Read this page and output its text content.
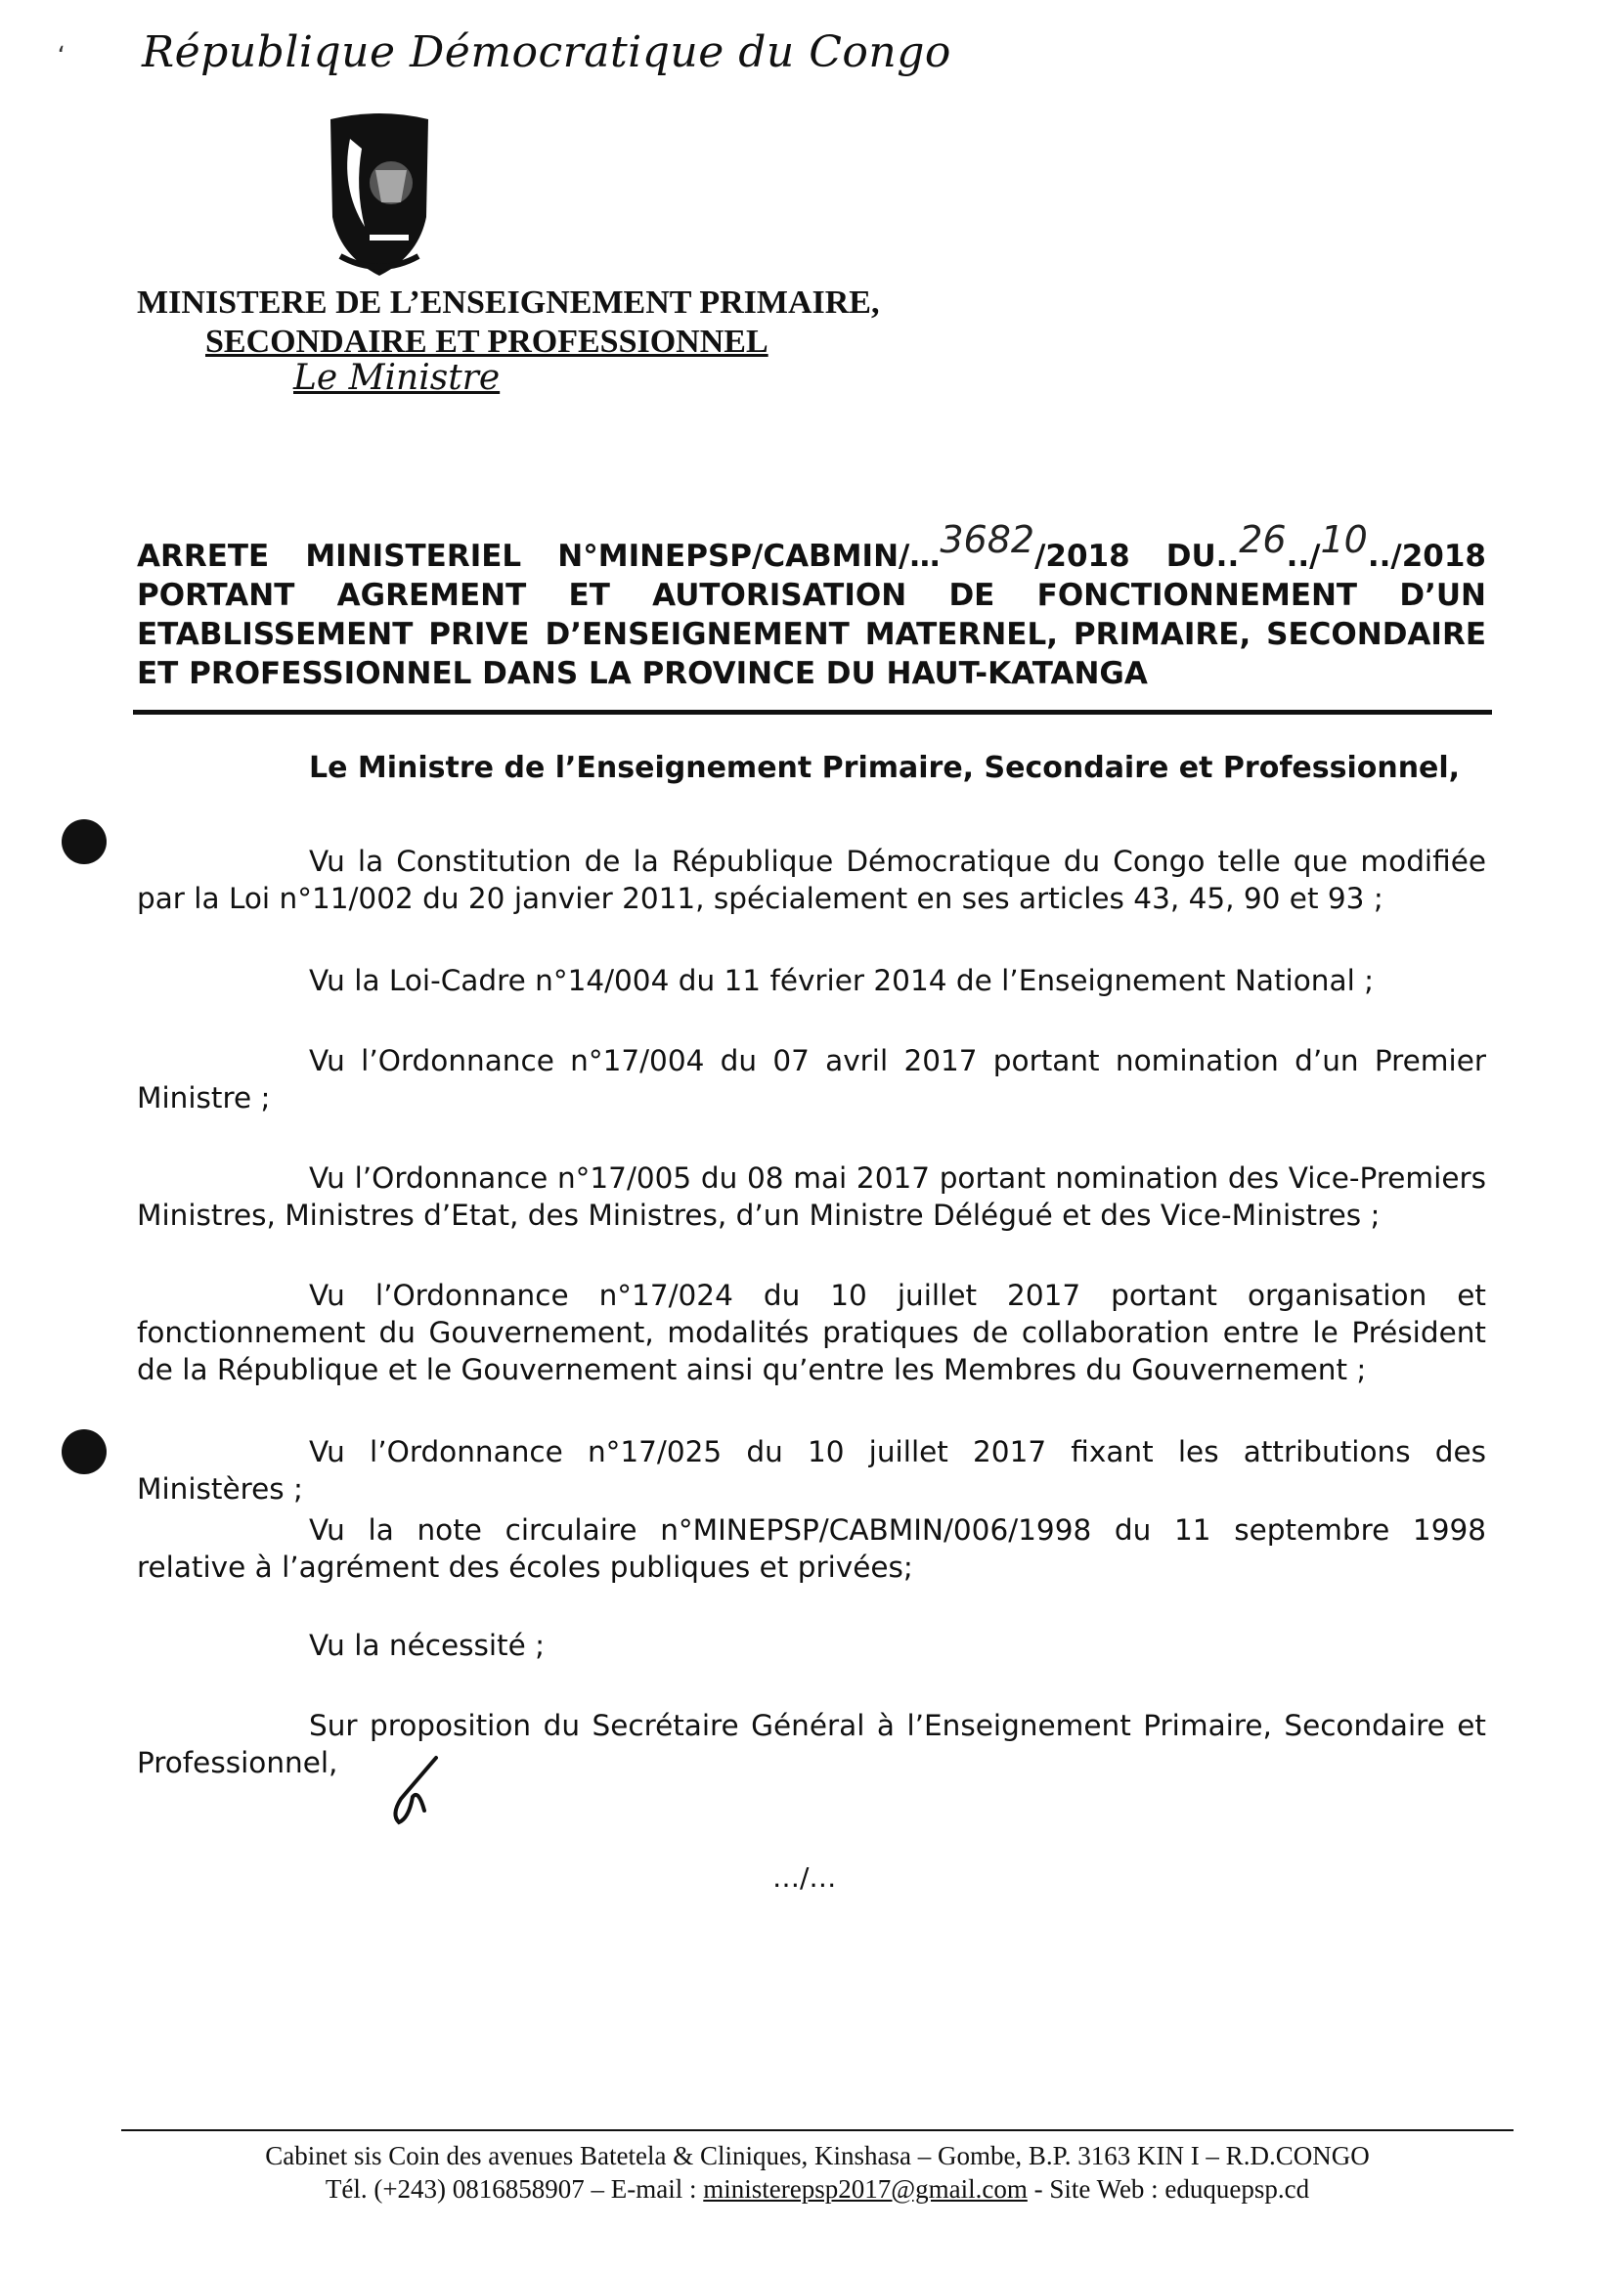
، République Démocratique du Congo
MINISTERE DE L’ENSEIGNEMENT PRIMAIRE,
SECONDAIRE ET PROFESSIONNEL
Le Ministre
ARRETE MINISTERIEL N°MINEPSP/CABMIN/…3682/2018 DU..26../10../2018
PORTANT AGREMENT ET AUTORISATION DE FONCTIONNEMENT D’UN
ETABLISSEMENT PRIVE D’ENSEIGNEMENT MATERNEL, PRIMAIRE, SECONDAIRE
ET PROFESSIONNEL DANS LA PROVINCE DU HAUT-KATANGA
Le Ministre de l’Enseignement Primaire, Secondaire et Professionnel,
Vu la Constitution de la République Démocratique du Congo telle que modifiée par la Loi n°11/002 du 20 janvier 2011, spécialement en ses articles 43, 45, 90 et 93 ;
Vu la Loi-Cadre n°14/004 du 11 février 2014 de l’Enseignement National ;
Vu l’Ordonnance n°17/004 du 07 avril 2017 portant nomination d’un Premier Ministre ;
Vu l’Ordonnance n°17/005 du 08 mai 2017 portant nomination des Vice-Premiers Ministres, Ministres d’Etat, des Ministres, d’un Ministre Délégué et des Vice-Ministres ;
Vu l’Ordonnance n°17/024 du 10 juillet 2017 portant organisation et fonctionnement du Gouvernement, modalités pratiques de collaboration entre le Président de la République et le Gouvernement ainsi qu’entre les Membres du Gouvernement ;
Vu l’Ordonnance n°17/025 du 10 juillet 2017 fixant les attributions des Ministères ;
Vu la note circulaire n°MINEPSP/CABMIN/006/1998 du 11 septembre 1998 relative à l’agrément des écoles publiques et privées;
Vu la nécessité ;
Sur proposition du Secrétaire Général à l’Enseignement Primaire, Secondaire et Professionnel,
…/…
Cabinet sis Coin des avenues Batetela & Cliniques, Kinshasa – Gombe, B.P. 3163 KIN I – R.D.CONGO
Tél. (+243) 0816858907 – E-mail : ministerepsp2017@gmail.com - Site Web : eduquepsp.cd
